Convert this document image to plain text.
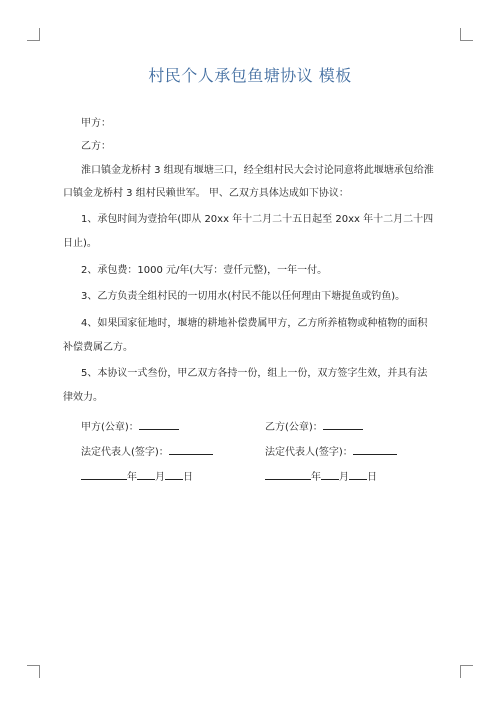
村民个人承包鱼塘协议 模板
甲方：
乙方：
淮口镇金龙桥村 3 组现有堰塘三口，经全组村民大会讨论同意将此堰塘承包给淮
口镇金龙桥村 3 组村民赖世军。 甲、乙双方具体达成如下协议：
1、承包时间为壹拾年(即从 20xx 年十二月二十五日起至 20xx 年十二月二十四
日止)。
2、承包费：1000 元/年(大写：壹仟元整)，一年一付。
3、乙方负责全组村民的一切用水(村民不能以任何理由下塘捉鱼或钓鱼)。
4、如果国家征地时，堰塘的耕地补偿费属甲方，乙方所养植物或种植物的面积
补偿费属乙方。
5、本协议一式叁份，甲乙双方各持一份，组上一份，双方签字生效，并具有法
律效力。
甲方(公章)：	乙方(公章)：
法定代表人(签字)：	法定代表人(签字)：
年 月 日	年 月 日
